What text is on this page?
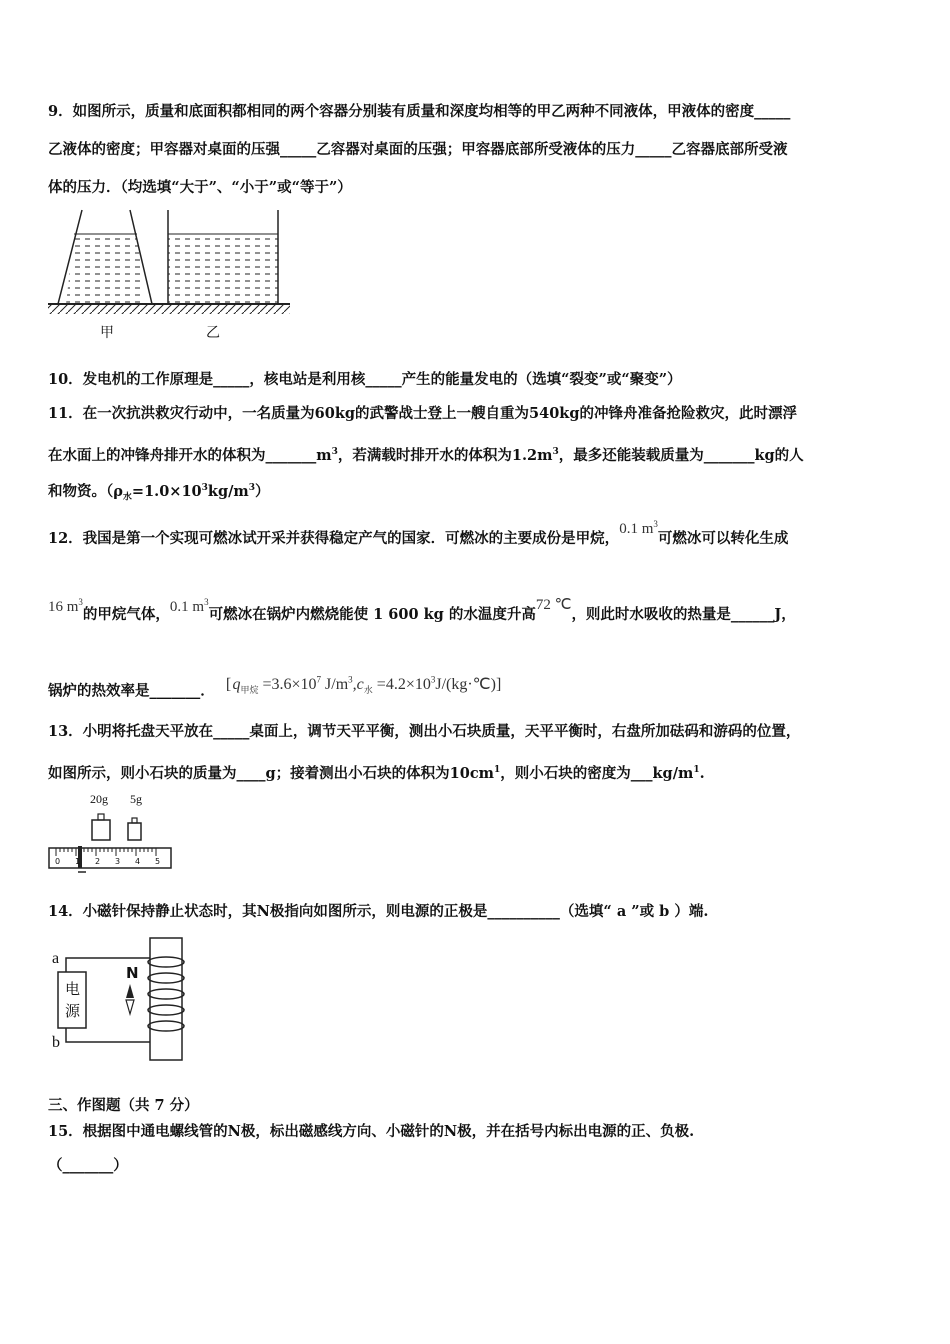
9．如图所示，质量和底面积都相同的两个容器分别装有质量和深度均相等的甲乙两种不同液体，甲液体的密度_____
乙液体的密度；甲容器对桌面的压强_____乙容器对桌面的压强；甲容器底部所受液体的压力_____乙容器底部所受液
体的压力．（均选填“大于”、“小于”或“等于”）
甲	乙
10．发电机的工作原理是_____，核电站是利用核_____产生的能量发电的（选填“裂变”或“聚变”）
11．在一次抗洪救灾行动中，一名质量为60kg的武警战士登上一艘自重为540kg的冲锋舟准备抢险救灾，此时漂浮
在水面上的冲锋舟排开水的体积为$\_\_\_\_\_\_\_m^3$，若满载时排开水的体积为$1.2m^3$，最多还能装载质量为_______kg的人
和物资。$(\rho_水=1.0\times 10^3kg/m^3)$
12．我国是第一个实现可燃冰试开采并获得稳定产气的国家．可燃冰的主要成份是甲烷，0.1 $m^3$可燃冰可以转化生成
16 $m^3$的甲烷气体，0.1 $m^3$可燃冰在锅炉内燃烧能使 1 600 kg 的水温度升高72 ℃，则此时水吸收的热量是______J，
锅炉的热效率是_______． [ $q_{甲烷} =3.6\times 10^7$ $J/m^3,c_水$ $=4.2\times 10^3J/(kg\cdot℃)$]
13．小明将托盘天平放在_____桌面上，调节天平平衡，测出小石块质量，天平平衡时，右盘所加砝码和游码的位置，
如图所示，则小石块的质量为____g；接着测出小石块的体积为$10cm^1$，则小石块的密度为$\_\_\_kg/m^1$.
20g 5g
0 1 2 3 4 5
14．小磁针保持静止状态时，其N极指向如图所示，则电源的正极是__________（选填“ a ”或 b ）端.
a
b
电
源
N
三、作图题（共 7 分）
15．根据图中通电螺线管的N极，标出磁感线方向、小磁针的N极，并在括号内标出电源的正、负极.
（_______）
